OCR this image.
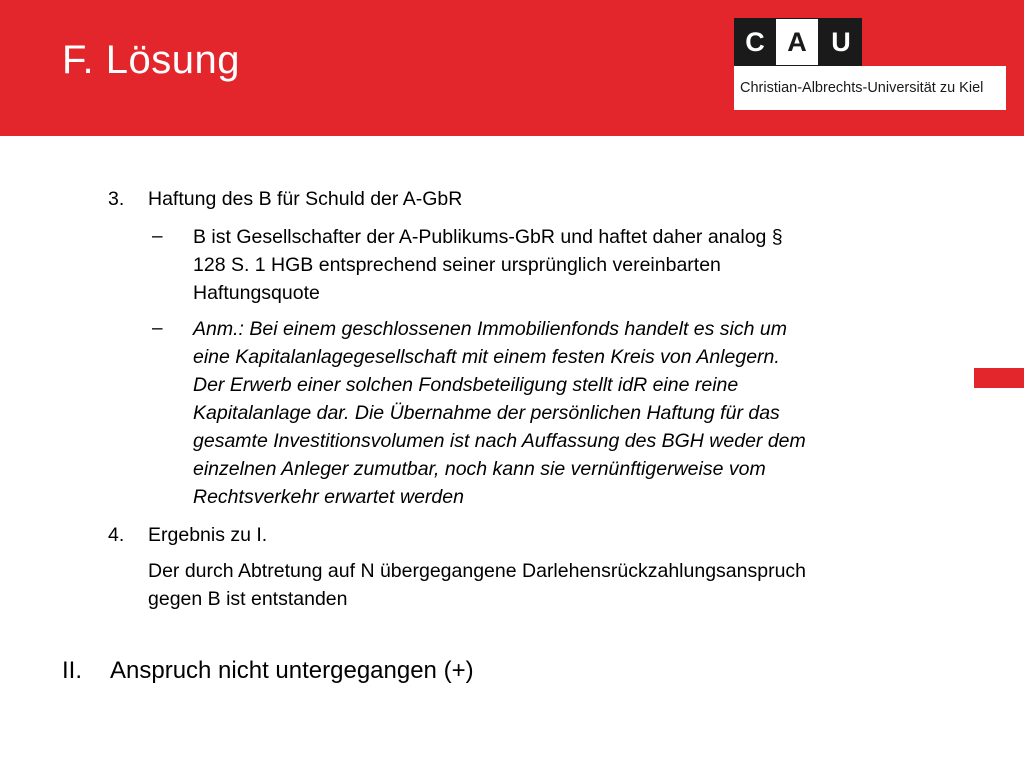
F. Lösung	C A U
Christian-Albrechts-Universität zu Kiel
3. Haftung des B für Schuld der A-GbR
– B ist Gesellschafter der A-Publikums-GbR und haftet daher analog §
128 S. 1 HGB entsprechend seiner ursprünglich vereinbarten
Haftungsquote
– Anm.: Bei einem geschlossenen Immobilienfonds handelt es sich um
eine Kapitalanlagegesellschaft mit einem festen Kreis von Anlegern.
Der Erwerb einer solchen Fondsbeteiligung stellt idR eine reine
Kapitalanlage dar. Die Übernahme der persönlichen Haftung für das
gesamte Investitionsvolumen ist nach Auffassung des BGH weder dem
einzelnen Anleger zumutbar, noch kann sie vernünftigerweise vom
Rechtsverkehr erwartet werden
4. Ergebnis zu I.
Der durch Abtretung auf N übergegangene Darlehensrückzahlungsanspruch
gegen B ist entstanden
II. Anspruch nicht untergegangen (+)
